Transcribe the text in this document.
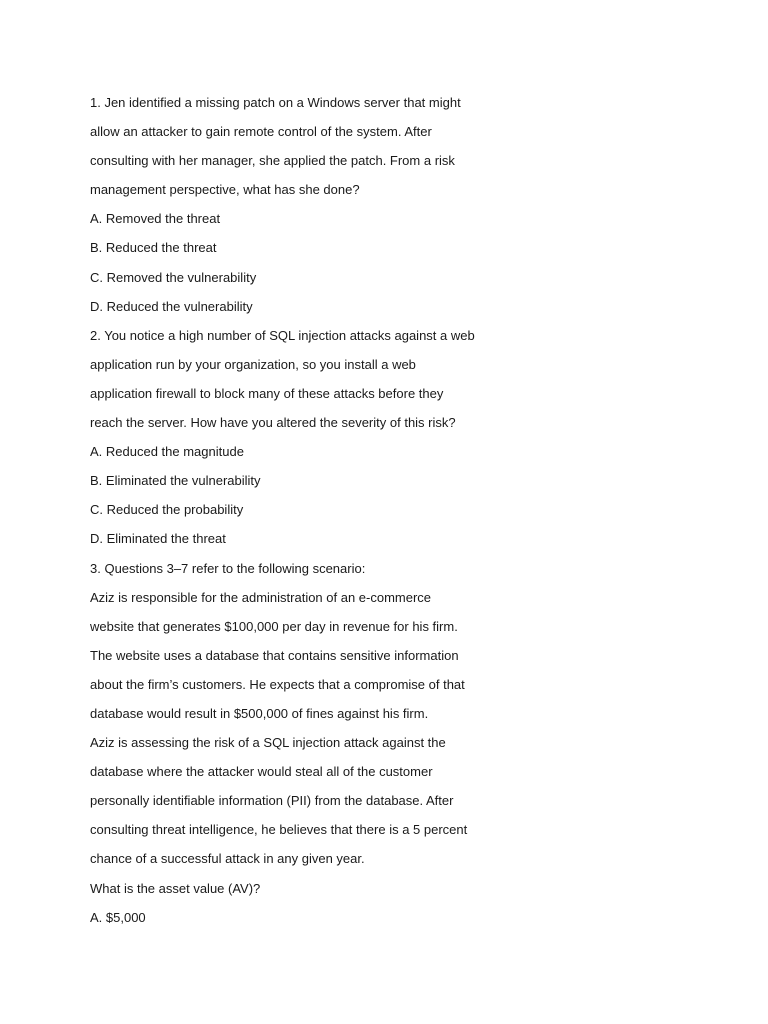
1. Jen identified a missing patch on a Windows server that might

allow an attacker to gain remote control of the system. After

consulting with her manager, she applied the patch. From a risk

management perspective, what has she done?

A. Removed the threat

B. Reduced the threat

C. Removed the vulnerability

D. Reduced the vulnerability

2. You notice a high number of SQL injection attacks against a web

application run by your organization, so you install a web

application firewall to block many of these attacks before they

reach the server. How have you altered the severity of this risk?

A. Reduced the magnitude

B. Eliminated the vulnerability

C. Reduced the probability

D. Eliminated the threat

3. Questions 3–7 refer to the following scenario:

Aziz is responsible for the administration of an e-commerce

website that generates $100,000 per day in revenue for his firm.

The website uses a database that contains sensitive information

about the firm’s customers. He expects that a compromise of that

database would result in $500,000 of fines against his firm.

Aziz is assessing the risk of a SQL injection attack against the

database where the attacker would steal all of the customer

personally identifiable information (PII) from the database. After

consulting threat intelligence, he believes that there is a 5 percent

chance of a successful attack in any given year.

What is the asset value (AV)?

A. $5,000
